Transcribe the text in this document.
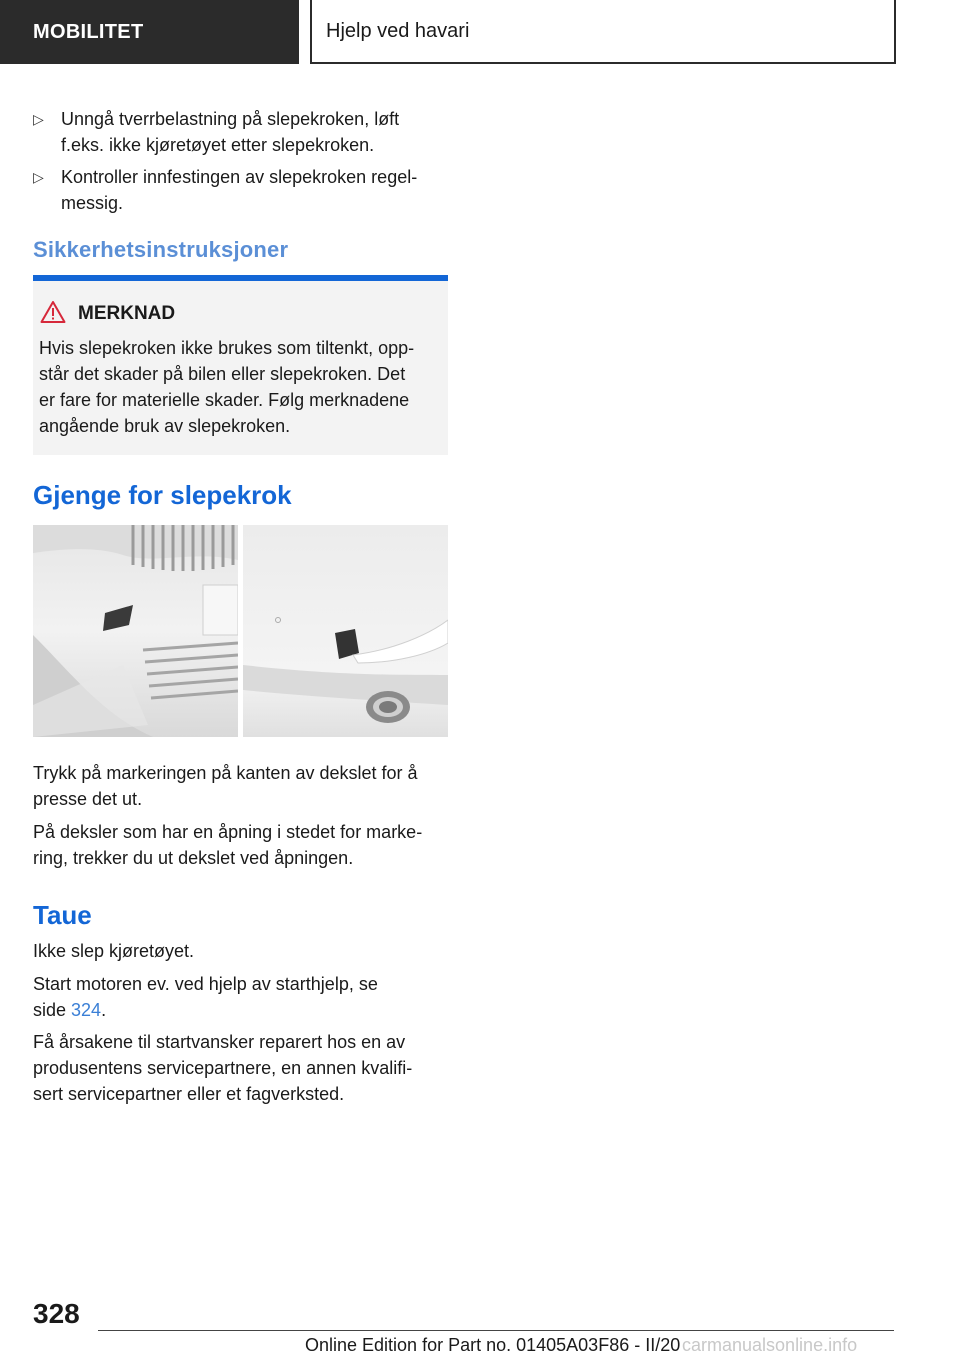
MOBILITET	Hjelp ved havari
▷ Unngå tverrbelastning på slepekroken, løft
f.eks. ikke kjøretøyet etter slepekroken.
▷ Kontroller innfestingen av slepekroken regel-
messig.
Sikkerhetsinstruksjoner
MERKNAD
Hvis slepekroken ikke brukes som tiltenkt, opp-
står det skader på bilen eller slepekroken. Det
er fare for materielle skader. Følg merknadene
angående bruk av slepekroken.
Gjenge for slepekrok
Trykk på markeringen på kanten av dekslet for å
presse det ut.
På deksler som har en åpning i stedet for marke-
ring, trekker du ut dekslet ved åpningen.
Taue
Ikke slep kjøretøyet.
Start motoren ev. ved hjelp av starthjelp, se
side 324.
Få årsakene til startvansker reparert hos en av
produsentens servicepartnere, en annen kvalifi-
sert servicepartner eller et fagverksted.
328
Online Edition for Part no. 01405A03F86 - II/20 carmanualsonline.info
